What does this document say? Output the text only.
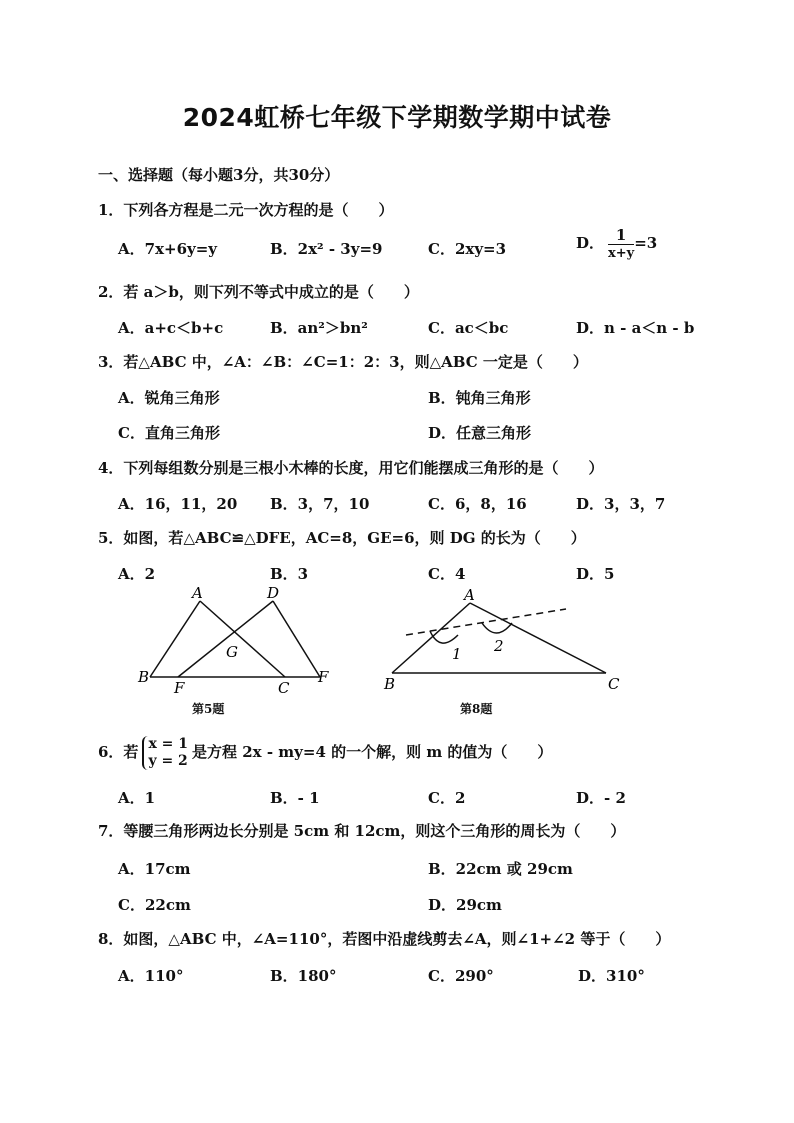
2024虹桥七年级下学期数学期中试卷
一、选择题（每小题3分，共30分）
1．下列各方程是二元一次方程的是（　　）
A．7x+6y=y	B．2x² - 3y=9	C．2xy=3	D． $\frac{1}{x+y} =3$
2．若 a＞b，则下列不等式中成立的是（　　）
A．a+c＜b+c	B．an²＞bn²	C．ac＜bc	D．n - a＜n - b
3．若△ABC 中，∠A：∠B：∠C=1：2：3，则△ABC 一定是（　　）
A．锐角三角形	B．钝角三角形
C．直角三角形	D．任意三角形
4．下列每组数分别是三根小木棒的长度，用它们能摆成三角形的是（　　）
A．16，11，20 B．3，7，10	C．6，8，16	D．3，3，7
5．如图，若△ABC≌△DFE，AC=8，GE=6，则 DG 的长为（　　）
A．2	B．3	C．4	D．5
A	D
B
F	C
F
G
第5题
A
B	C
1 2
第8题
6．若 x = 1
y = 2 是方程 2x - my=4 的一个解，则 m 的值为（　　）
A．1	B．- 1	C．2	D．- 2
7．等腰三角形两边长分别是 5cm 和 12cm，则这个三角形的周长为（　　）
A．17cm	B．22cm 或 29cm
C．22cm	D．29cm
8．如图，△ABC 中，∠A=110°，若图中沿虚线剪去∠A，则∠1+∠2 等于（　　）
A．110°	B．180°	C．290°	D．310°
